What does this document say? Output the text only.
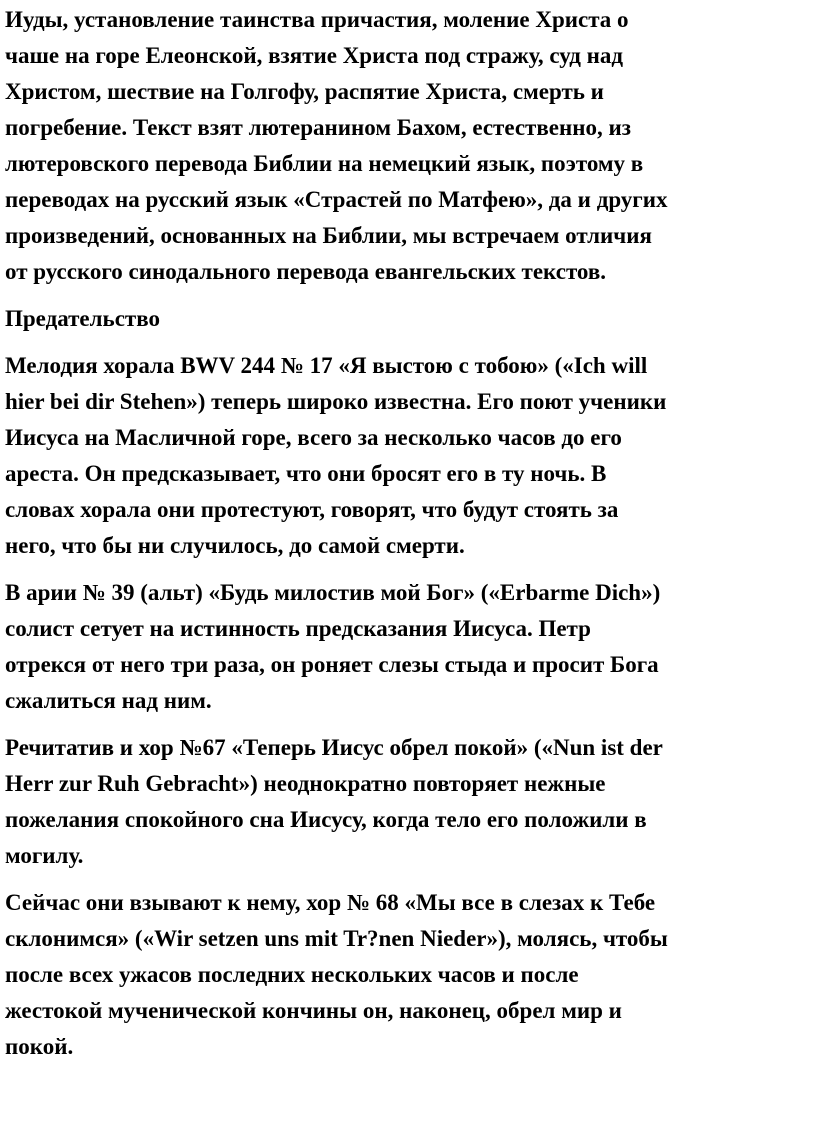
Иуды, установление таинства причастия, моление Христа о
чаше на горе Елеонской, взятие Христа под стражу, суд над
Христом, шествие на Голгофу, распятие Христа, смерть и
погребение. Текст взят лютеранином Бахом, естественно, из
лютеровского перевода Библии на немецкий язык, поэтому в
переводах на русский язык «Страстей по Матфею», да и других
произведений, основанных на Библии, мы встречаем отличия
от русского синодального перевода евангельских текстов.

Предательство

Мелодия хорала BWV 244 № 17 «Я выстою с тобою» («Ich will
hier bei dir Stehen») теперь широко известна. Его поют ученики
Иисуса на Масличной горе, всего за несколько часов до его
ареста. Он предсказывает, что они бросят его в ту ночь. В
словах хорала они протестуют, говорят, что будут стоять за
него, что бы ни случилось, до самой смерти.

В арии № 39 (альт) «Будь милостив мой Бог» («Erbarme Dich»)
солист сетует на истинность предсказания Иисуса. Петр
отрекся от него три раза, он роняет слезы стыда и просит Бога
сжалиться над ним.

Речитатив и хор №67 «Теперь Иисус обрел покой» («Nun ist der
Herr zur Ruh Gebracht») неоднократно повторяет нежные
пожелания спокойного сна Иисусу, когда тело его положили в
могилу.

Сейчас они взывают к нему, хор № 68 «Мы все в слезах к Тебе
склонимся» («Wir setzen uns mit Tr?nen Nieder»), молясь, чтобы
после всех ужасов последних нескольких часов и после
жестокой мученической кончины он, наконец, обрел мир и
покой.
